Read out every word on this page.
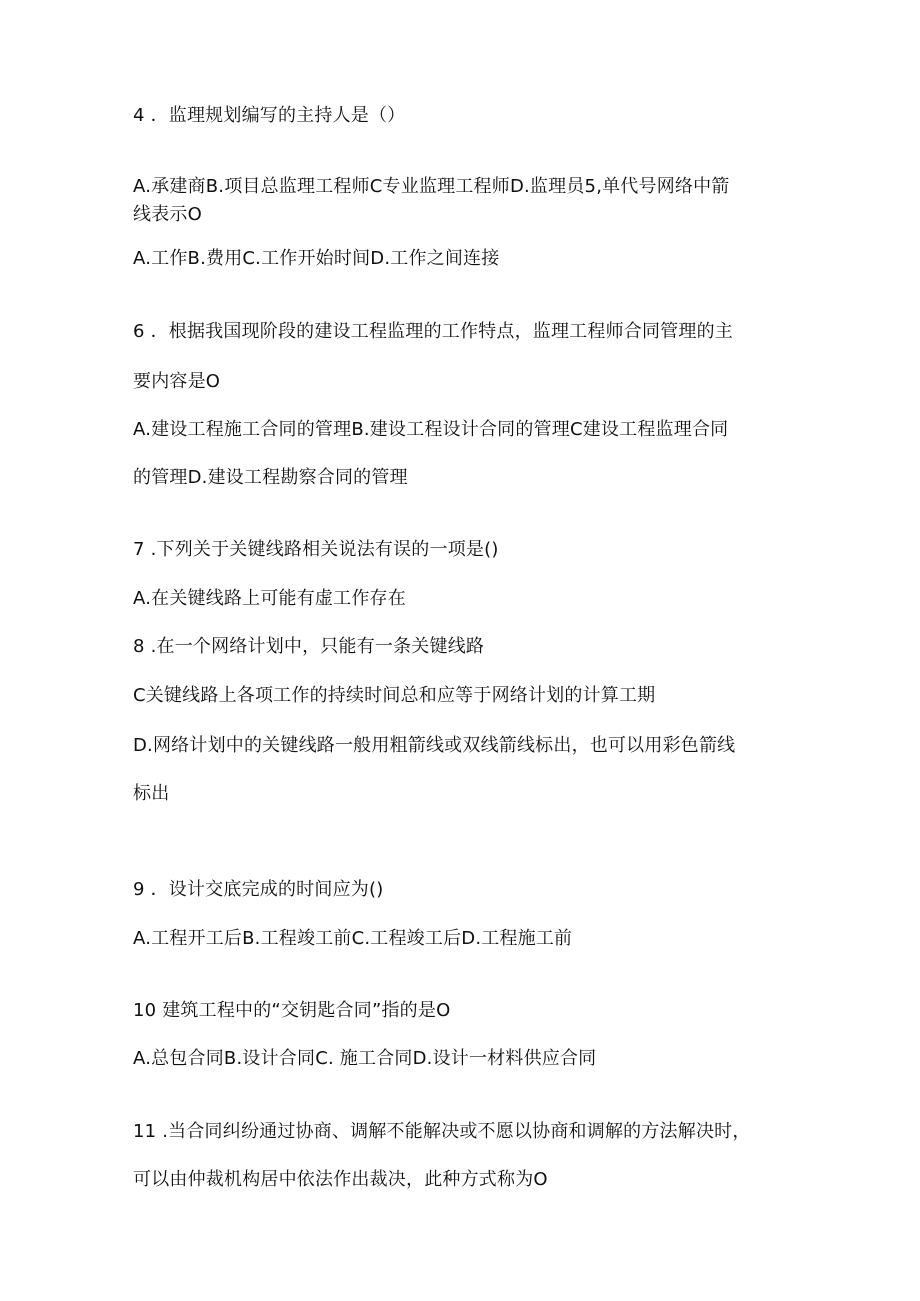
4 ．监理规划编写的主持人是（）
A.承建商B.项目总监理工程师C专业监理工程师D.监理员5,单代号网络中箭
线表示O
A.工作B.费用C.工作开始时间D.工作之间连接
6 ．根据我国现阶段的建设工程监理的工作特点，监理工程师合同管理的主
要内容是O
A.建设工程施工合同的管理B.建设工程设计合同的管理C建设工程监理合同
的管理D.建设工程勘察合同的管理
7 .下列关于关键线路相关说法有误的一项是()
A.在关键线路上可能有虚工作存在
8 .在一个网络计划中，只能有一条关键线路
C关键线路上各项工作的持续时间总和应等于网络计划的计算工期
D.网络计划中的关键线路一般用粗箭线或双线箭线标出，也可以用彩色箭线
标出
9 ．设计交底完成的时间应为()
A.工程开工后B.工程竣工前C.工程竣工后D.工程施工前
10 建筑工程中的“交钥匙合同”指的是O
A.总包合同B.设计合同C. 施工合同D.设计一材料供应合同
11 .当合同纠纷通过协商、调解不能解决或不愿以协商和调解的方法解决时，
可以由仲裁机构居中依法作出裁决，此种方式称为O
